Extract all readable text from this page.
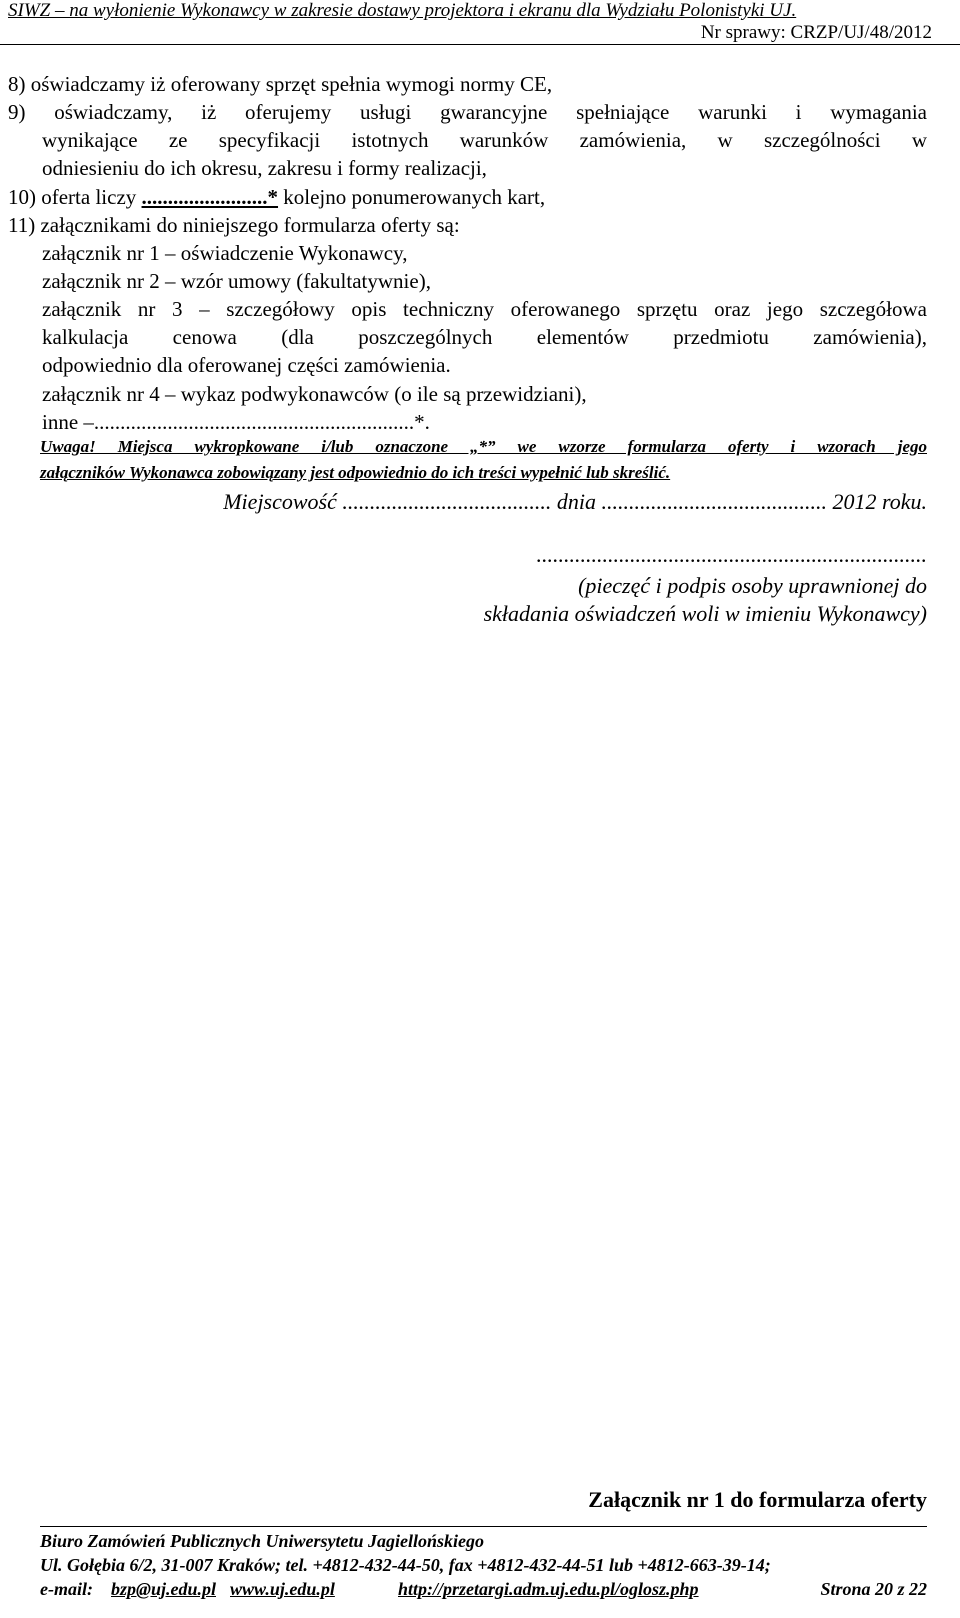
SIWZ – na wyłonienie Wykonawcy w zakresie dostawy projektora i ekranu dla Wydziału Polonistyki UJ.
Nr sprawy: CRZP/UJ/48/2012
8) oświadczamy iż oferowany sprzęt spełnia wymogi normy CE,
9) oświadczamy, iż oferujemy usługi gwarancyjne spełniające warunki i wymagania
wynikające ze specyfikacji istotnych warunków zamówienia, w szczególności w
odniesieniu do ich okresu, zakresu i formy realizacji,
10) oferta liczy ........................* kolejno ponumerowanych kart,
11) załącznikami do niniejszego formularza oferty są:
załącznik nr 1 – oświadczenie Wykonawcy,
załącznik nr 2 – wzór umowy (fakultatywnie),
załącznik nr 3 – szczegółowy opis techniczny oferowanego sprzętu oraz jego szczegółowa
kalkulacja cenowa (dla poszczególnych elementów przedmiotu zamówienia),
odpowiednio dla oferowanej części zamówienia.
załącznik nr 4 – wykaz podwykonawców (o ile są przewidziani),
inne –.............................................................*.
Uwaga! Miejsca wykropkowane i/lub oznaczone „*” we wzorze formularza oferty i wzorach jego
załączników Wykonawca zobowiązany jest odpowiednio do ich treści wypełnić lub skreślić.
Miejscowość ...................................... dnia ......................................... 2012 roku.
.......................................................................
(pieczęć i podpis osoby uprawnionej do
składania oświadczeń woli w imieniu Wykonawcy)
Załącznik nr 1 do formularza oferty
Biuro Zamówień Publicznych Uniwersytetu Jagiellońskiego
Ul. Gołębia 6/2, 31-007 Kraków; tel. +4812-432-44-50, fax +4812-432-44-51 lub +4812-663-39-14;
e-mail: bzp@uj.edu.pl www.uj.edu.pl	http://przetargi.adm.uj.edu.pl/oglosz.php	Strona 20 z 22
